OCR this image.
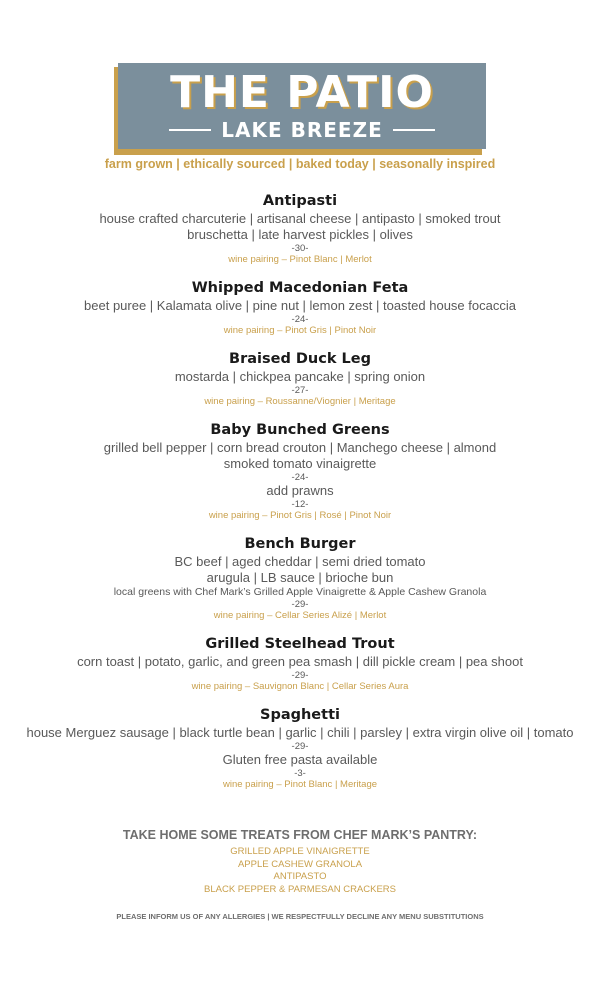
THE PATIO
LAKE BREEZE
farm grown | ethically sourced | baked today | seasonally inspired
Antipasti
house crafted charcuterie | artisanal cheese | antipasto | smoked trout
bruschetta | late harvest pickles | olives
-30-
wine pairing – Pinot Blanc | Merlot
Whipped Macedonian Feta
beet puree | Kalamata olive | pine nut | lemon zest | toasted house focaccia
-24-
wine pairing – Pinot Gris | Pinot Noir
Braised Duck Leg
mostarda | chickpea pancake | spring onion
-27-
wine pairing – Roussanne/Viognier | Meritage
Baby Bunched Greens
grilled bell pepper | corn bread crouton | Manchego cheese | almond
smoked tomato vinaigrette
-24-
add prawns
-12-
wine pairing – Pinot Gris | Rosé | Pinot Noir
Bench Burger
BC beef | aged cheddar | semi dried tomato
arugula | LB sauce | brioche bun
local greens with Chef Mark’s Grilled Apple Vinaigrette & Apple Cashew Granola
-29-
wine pairing – Cellar Series Alizé | Merlot
Grilled Steelhead Trout
corn toast | potato, garlic, and green pea smash | dill pickle cream | pea shoot
-29-
wine pairing – Sauvignon Blanc | Cellar Series Aura
Spaghetti
house Merguez sausage | black turtle bean | garlic | chili | parsley | extra virgin olive oil | tomato
-29-
Gluten free pasta available
-3-
wine pairing – Pinot Blanc | Meritage
TAKE HOME SOME TREATS FROM CHEF MARK’S PANTRY:
GRILLED APPLE VINAIGRETTE
APPLE CASHEW GRANOLA
ANTIPASTO
BLACK PEPPER & PARMESAN CRACKERS
PLEASE INFORM US OF ANY ALLERGIES | WE RESPECTFULLY DECLINE ANY MENU SUBSTITUTIONS
